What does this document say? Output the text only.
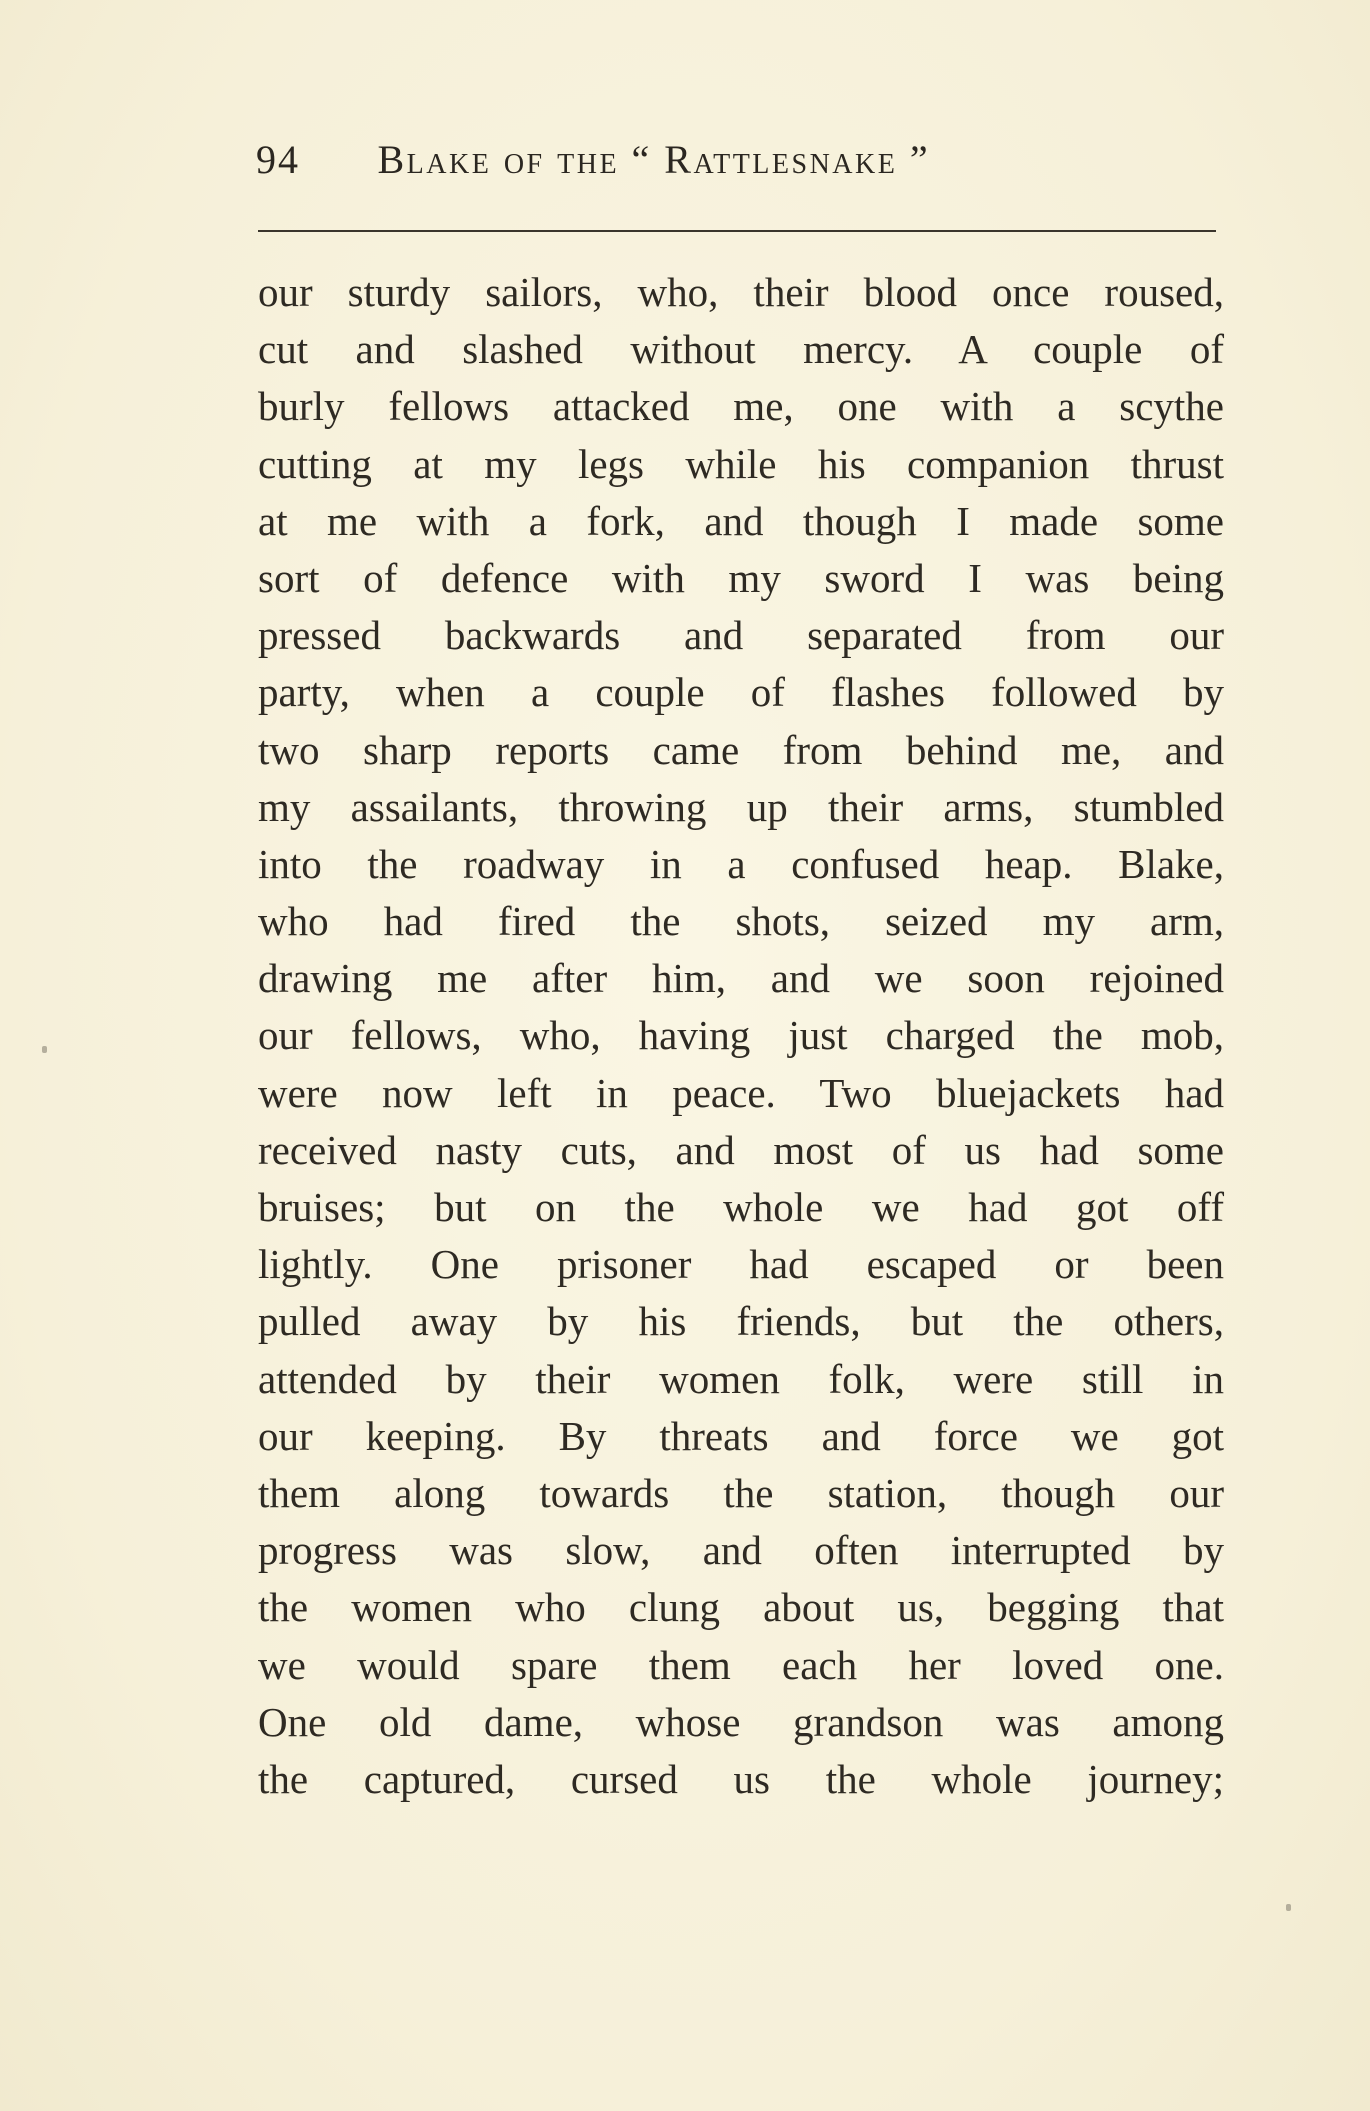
94 Blake of the “ Rattlesnake ”
our sturdy sailors, who, their blood once roused,
cut and slashed without mercy. A couple of
burly fellows attacked me, one with a scythe
cutting at my legs while his companion thrust
at me with a fork, and though I made some
sort of defence with my sword I was being
pressed backwards and separated from our
party, when a couple of flashes followed by
two sharp reports came from behind me, and
my assailants, throwing up their arms, stumbled
into the roadway in a confused heap. Blake,
who had fired the shots, seized my arm,
drawing me after him, and we soon rejoined
our fellows, who, having just charged the mob,
were now left in peace. Two bluejackets had
received nasty cuts, and most of us had some
bruises; but on the whole we had got off
lightly. One prisoner had escaped or been
pulled away by his friends, but the others,
attended by their women folk, were still in
our keeping. By threats and force we got
them along towards the station, though our
progress was slow, and often interrupted by
the women who clung about us, begging that
we would spare them each her loved one.
One old dame, whose grandson was among
the captured, cursed us the whole journey;
